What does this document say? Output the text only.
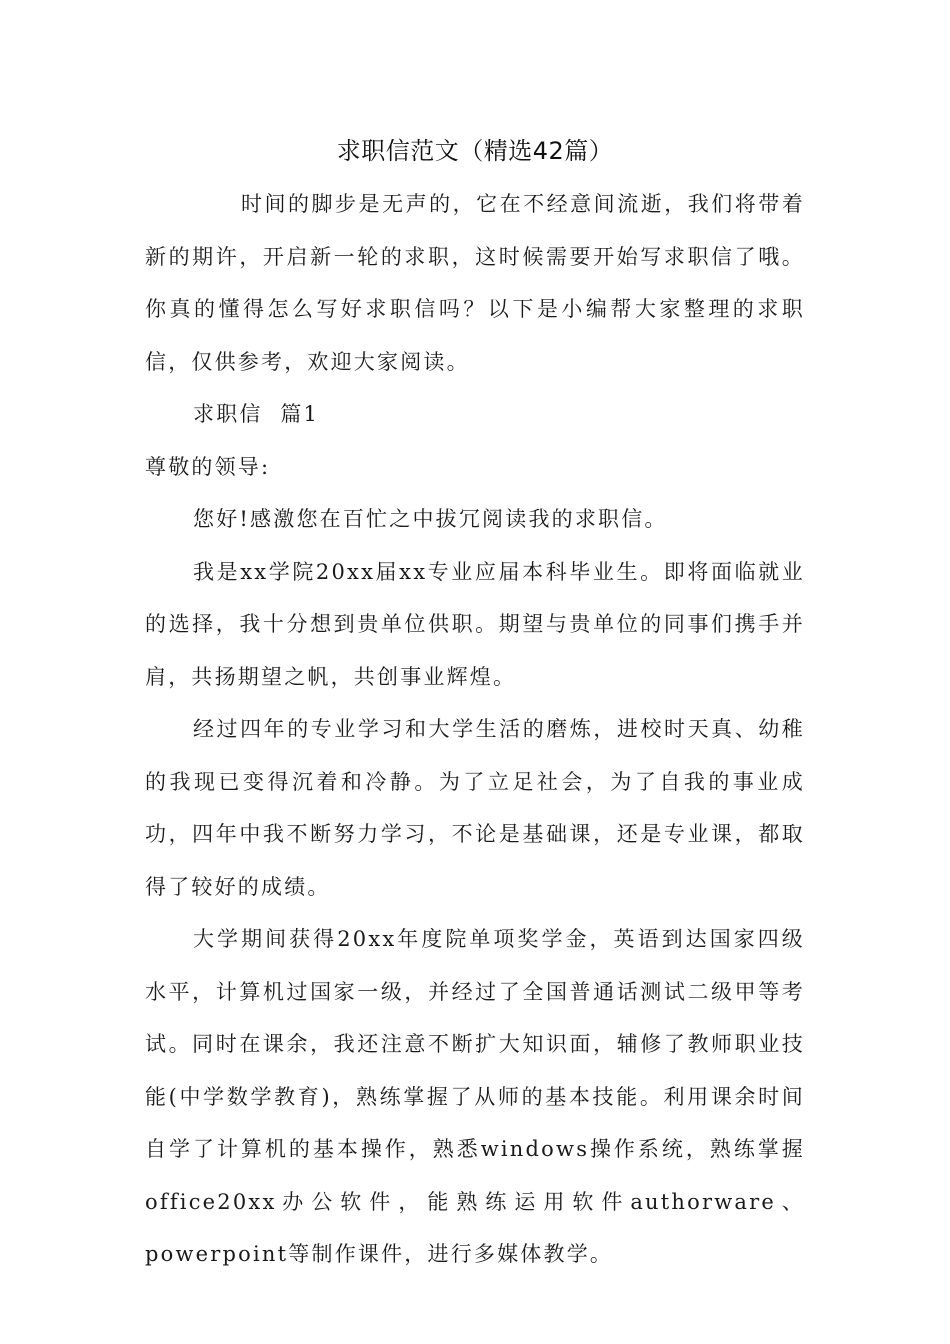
求职信范文（精选42篇）

时间的脚步是无声的，它在不经意间流逝，我们将带着新的期许，开启新一轮的求职，这时候需要开始写求职信了哦。你真的懂得怎么写好求职信吗？以下是小编帮大家整理的求职信，仅供参考，欢迎大家阅读。

求职信  篇1

尊敬的领导:

您好!感激您在百忙之中拔冗阅读我的求职信。

我是xx学院20xx届xx专业应届本科毕业生。即将面临就业的选择，我十分想到贵单位供职。期望与贵单位的同事们携手并肩，共扬期望之帆，共创事业辉煌。

经过四年的专业学习和大学生活的磨炼，进校时天真、幼稚的我现已变得沉着和冷静。为了立足社会，为了自我的事业成功，四年中我不断努力学习，不论是基础课，还是专业课，都取得了较好的成绩。

大学期间获得20xx年度院单项奖学金，英语到达国家四级水平，计算机过国家一级，并经过了全国普通话测试二级甲等考试。同时在课余，我还注意不断扩大知识面，辅修了教师职业技能(中学数学教育)，熟练掌握了从师的基本技能。利用课余时间自学了计算机的基本操作，熟悉windows操作系统，熟练掌握office20xx办公软件，能熟练运用软件authorware、powerpoint等制作课件，进行多媒体教学。
